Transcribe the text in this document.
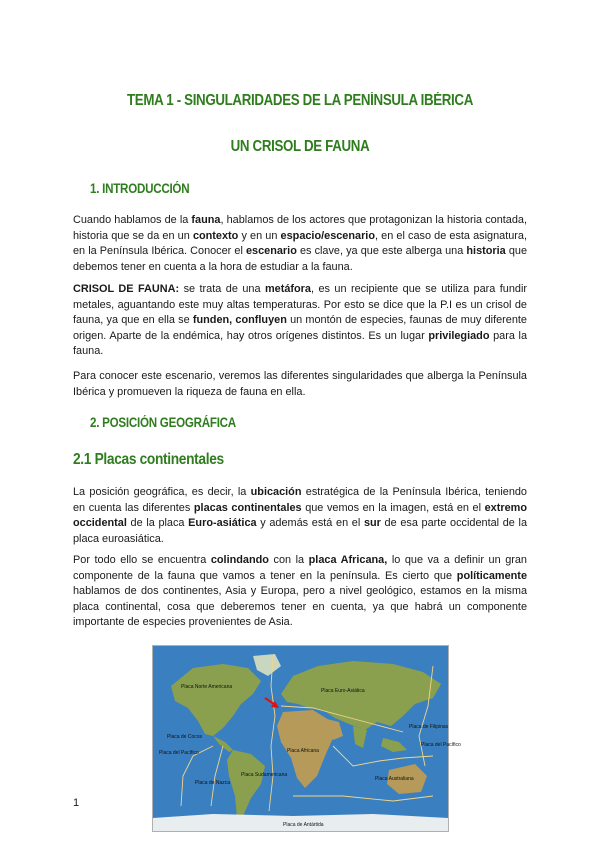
TEMA 1 - SINGULARIDADES DE LA PENÍNSULA IBÉRICA
UN CRISOL DE FAUNA
1. INTRODUCCIÓN

Cuando hablamos de la fauna, hablamos de los actores que protagonizan la historia contada, historia que se da en un contexto y en un espacio/escenario, en el caso de esta asignatura, en la Península Ibérica. Conocer el escenario es clave, ya que este alberga una historia que debemos tener en cuenta a la hora de estudiar a la fauna.

CRISOL DE FAUNA: se trata de una metáfora, es un recipiente que se utiliza para fundir metales, aguantando este muy altas temperaturas. Por esto se dice que la P.I es un crisol de fauna, ya que en ella se funden, confluyen un montón de especies, faunas de muy diferente origen. Aparte de la endémica, hay otros orígenes distintos. Es un lugar privilegiado para la fauna.

Para conocer este escenario, veremos las diferentes singularidades que alberga la Península Ibérica y promueven la riqueza de fauna en ella.

2. POSICIÓN GEOGRÁFICA
2.1 Placas continentales

La posición geográfica, es decir, la ubicación estratégica de la Península Ibérica, teniendo en cuenta las diferentes placas continentales que vemos en la imagen, está en el extremo occidental de la placa Euro-asiática y además está en el sur de esa parte occidental de la placa euroasiática.

Por todo ello se encuentra colindando con la placa Africana, lo que va a definir un gran componente de la fauna que vamos a tener en la península. Es cierto que políticamente hablamos de dos continentes, Asia y Europa, pero a nivel geológico, estamos en la misma placa continental, cosa que deberemos tener en cuenta, ya que habrá un componente importante de especies provenientes de Asia.

Placa Norte Americana
Placa Euro-Asiática
Placa de Cocos
Placa del Pacífico
Placa del Pacífico
Placa de Filipinas
Placa Africana
Placa de Nazca
Placa Sudamericana
Placa Australiana
Placa de Antártida
1
